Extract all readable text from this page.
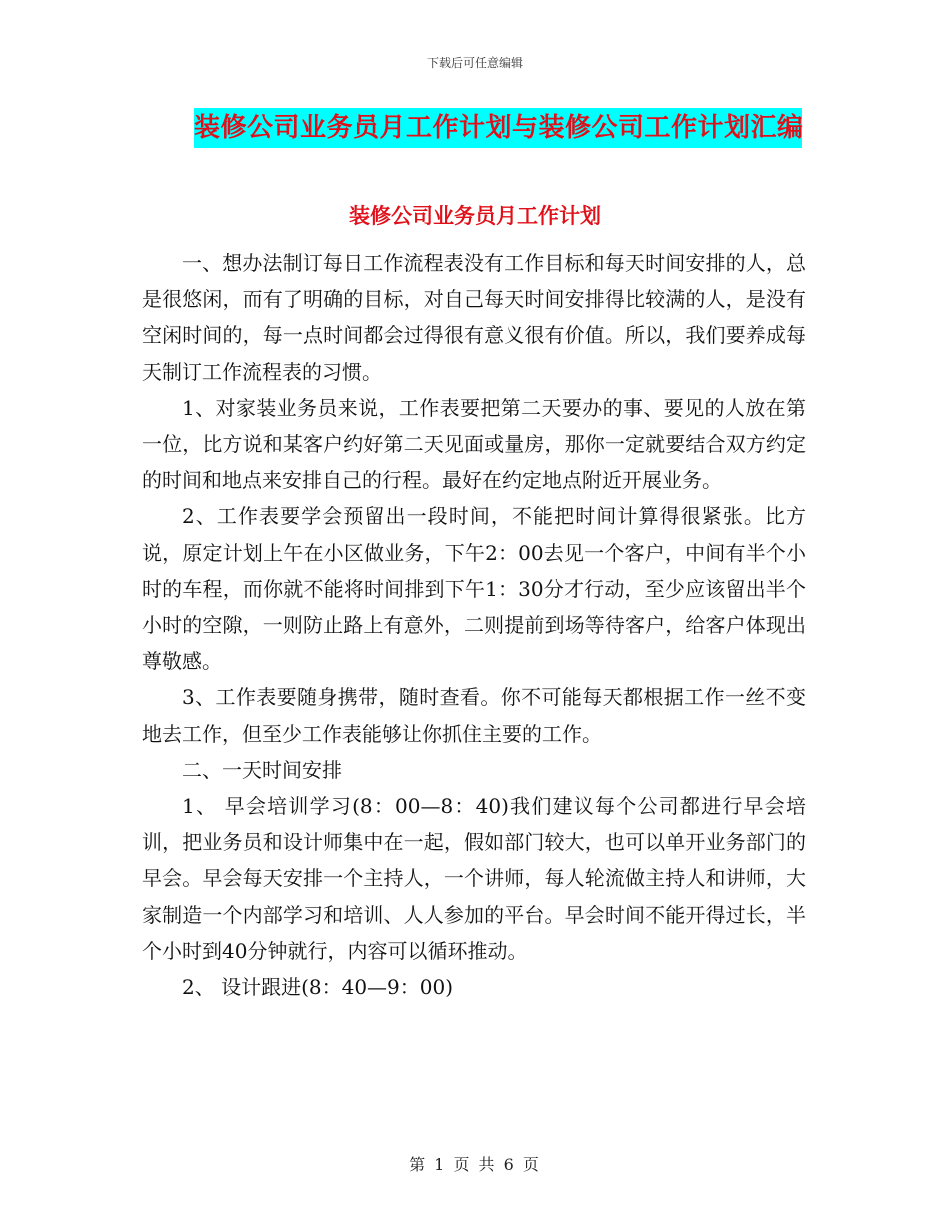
下载后可任意编辑
装修公司业务员月工作计划与装修公司工作计划汇编
装修公司业务员月工作计划

一、想办法制订每日工作流程表没有工作目标和每天时间安排的人，总是很悠闲，而有了明确的目标，对自己每天时间安排得比较满的人，是没有空闲时间的，每一点时间都会过得很有意义很有价值。所以，我们要养成每天制订工作流程表的习惯。

1、对家装业务员来说，工作表要把第二天要办的事、要见的人放在第一位，比方说和某客户约好第二天见面或量房，那你一定就要结合双方约定的时间和地点来安排自己的行程。最好在约定地点附近开展业务。

2、工作表要学会预留出一段时间，不能把时间计算得很紧张。比方说，原定计划上午在小区做业务，下午2：00去见一个客户，中间有半个小时的车程，而你就不能将时间排到下午1：30分才行动，至少应该留出半个小时的空隙，一则防止路上有意外，二则提前到场等待客户，给客户体现出尊敬感。

3、工作表要随身携带，随时查看。你不可能每天都根据工作一丝不变地去工作，但至少工作表能够让你抓住主要的工作。

二、一天时间安排

1、 早会培训学习(8：00—8：40)我们建议每个公司都进行早会培训，把业务员和设计师集中在一起，假如部门较大，也可以单开业务部门的早会。早会每天安排一个主持人，一个讲师，每人轮流做主持人和讲师，大家制造一个内部学习和培训、人人参加的平台。早会时间不能开得过长，半个小时到40分钟就行，内容可以循环推动。

2、 设计跟进(8：40—9：00)

第 1 页 共 6 页
